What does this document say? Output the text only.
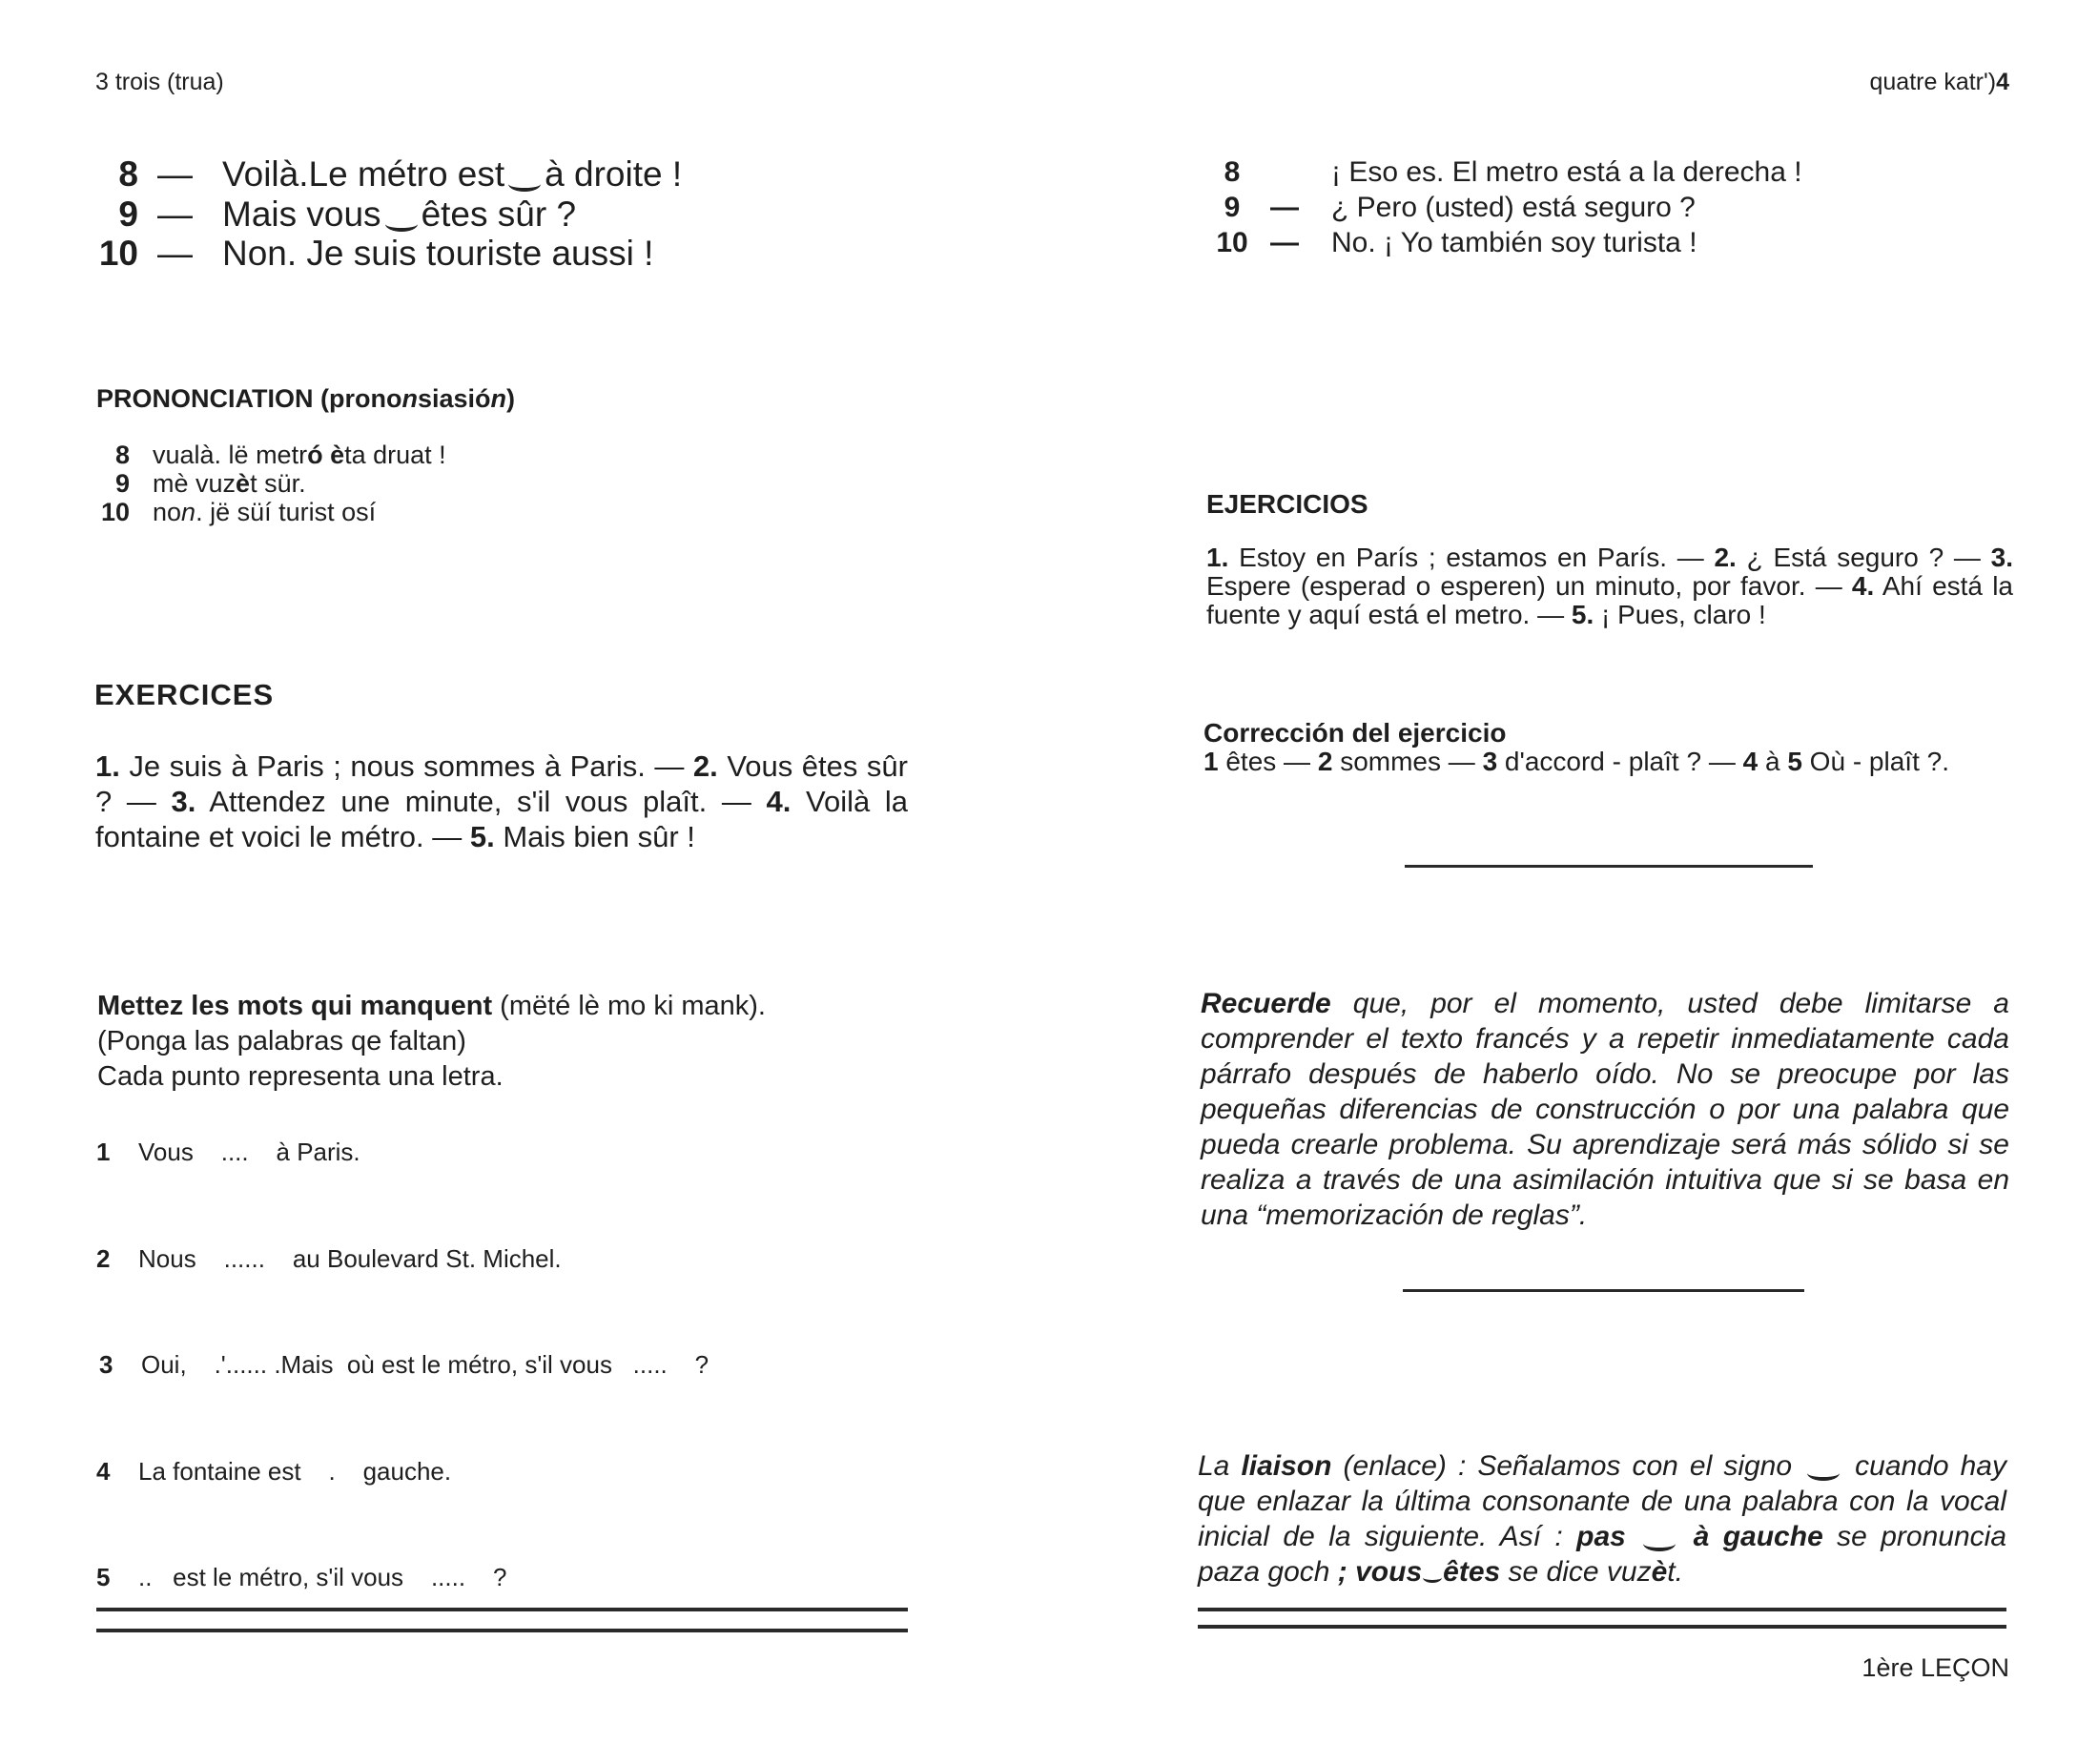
3 trois (trua)	quatre katr')4
8 — Voilà.Le métro est à droite !
9 — Mais vous êtes sûr ?
10 — Non. Je suis touriste aussi !
PRONONCIATION (prononsiasión)
8 vualà. lë metró èta druat !
9 mè vuzèt sür.
10 non. jë süí turist osí
EXERCICES
1. Je suis à Paris ; nous sommes à Paris. — 2. Vous êtes sûr ? — 3. Attendez une minute, s'il vous plaît. — 4. Voilà la fontaine et voici le métro. — 5. Mais bien sûr !
Mettez les mots qui manquent (mëté lè mo ki mank).
(Ponga las palabras qe faltan)
Cada punto representa una letra.
1 Vous    ....    à Paris.
2 Nous    ......    au Boulevard St. Michel.
3 Oui,    .'...... .Mais  où est le métro, s'il vous   .....    ?
4 La fontaine est    .    gauche.
5 ..   est le métro, s'il vous    .....    ?
8	¡ Eso es. El metro está a la derecha !
9	— ¿ Pero (usted) está seguro ?
10 — No. ¡ Yo también soy turista !
EJERCICIOS
1. Estoy en París ; estamos en París. — 2. ¿ Está seguro ? — 3. Espere (esperad o esperen) un minuto, por favor. — 4. Ahí está la fuente y aquí está el metro. — 5. ¡ Pues, claro !
Corrección del ejercicio
1 êtes — 2 sommes — 3 d'accord - plaît ? — 4 à 5 Où - plaît ?.
Recuerde que, por el momento, usted debe limitarse a comprender el texto francés y a repetir inmediatamente cada párrafo después de haberlo oído. No se preocupe por las pequeñas diferencias de construcción o por una palabra que pueda crearle problema. Su aprendizaje será más sólido si se realiza a través de una asimilación intuitiva que si se basa en una “memorización de reglas”.
La liaison (enlace) : Señalamos con el signo  cuando hay que enlazar la última consonante de una palabra con la vocal inicial de la siguiente. Así : pas à gauche se pronuncia paza goch ; vous êtes se dice vuzèt.
1ère LEÇON
